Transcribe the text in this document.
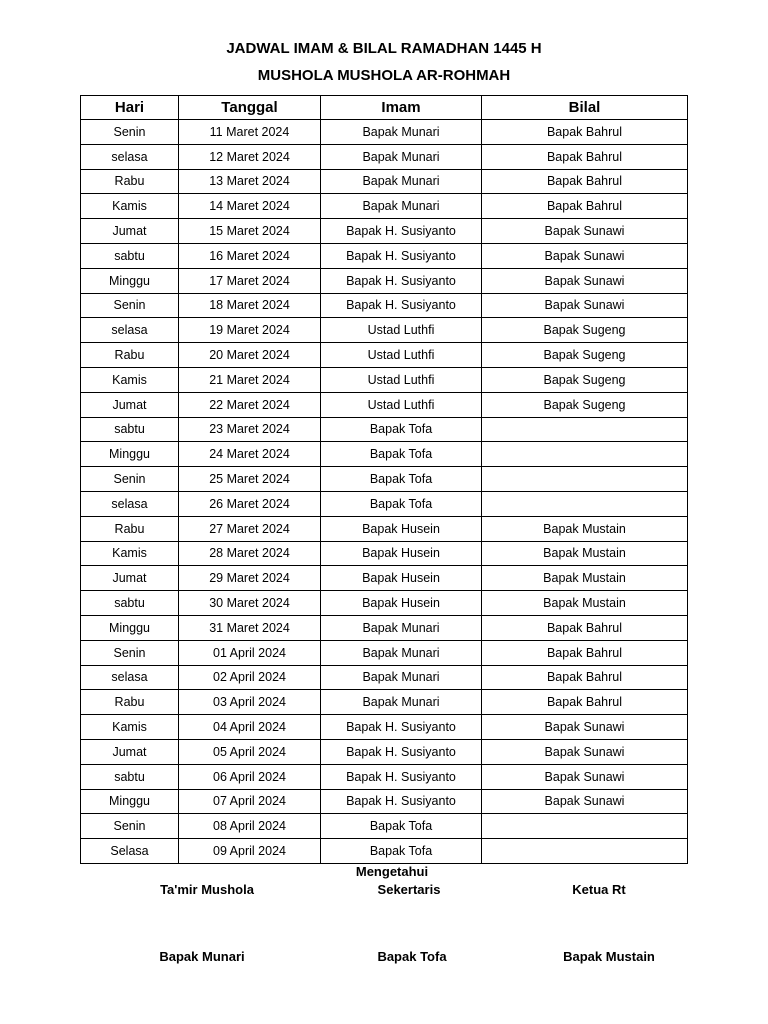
JADWAL IMAM & BILAL RAMADHAN 1445 H
MUSHOLA MUSHOLA AR-ROHMAH
Hari	Tanggal	Imam	Bilal
Senin	11 Maret 2024	Bapak Munari	Bapak Bahrul
selasa	12 Maret 2024	Bapak Munari	Bapak Bahrul
Rabu	13 Maret 2024	Bapak Munari	Bapak Bahrul
Kamis	14 Maret 2024	Bapak Munari	Bapak Bahrul
Jumat	15 Maret 2024	Bapak H. Susiyanto	Bapak Sunawi
sabtu	16 Maret 2024	Bapak H. Susiyanto	Bapak Sunawi
Minggu	17 Maret 2024	Bapak H. Susiyanto	Bapak Sunawi
Senin	18 Maret 2024	Bapak H. Susiyanto	Bapak Sunawi
selasa	19 Maret 2024	Ustad Luthfi	Bapak Sugeng
Rabu	20 Maret 2024	Ustad Luthfi	Bapak Sugeng
Kamis	21 Maret 2024	Ustad Luthfi	Bapak Sugeng
Jumat	22 Maret 2024	Ustad Luthfi	Bapak Sugeng
sabtu	23 Maret 2024	Bapak Tofa	
Minggu	24 Maret 2024	Bapak Tofa	
Senin	25 Maret 2024	Bapak Tofa	
selasa	26 Maret 2024	Bapak Tofa	
Rabu	27 Maret 2024	Bapak Husein	Bapak Mustain
Kamis	28 Maret 2024	Bapak Husein	Bapak Mustain
Jumat	29 Maret 2024	Bapak Husein	Bapak Mustain
sabtu	30 Maret 2024	Bapak Husein	Bapak Mustain
Minggu	31 Maret 2024	Bapak Munari	Bapak Bahrul
Senin	01 April 2024	Bapak Munari	Bapak Bahrul
selasa	02 April 2024	Bapak Munari	Bapak Bahrul
Rabu	03 April 2024	Bapak Munari	Bapak Bahrul
Kamis	04 April 2024	Bapak H. Susiyanto	Bapak Sunawi
Jumat	05 April 2024	Bapak H. Susiyanto	Bapak Sunawi
sabtu	06 April 2024	Bapak H. Susiyanto	Bapak Sunawi
Minggu	07 April 2024	Bapak H. Susiyanto	Bapak Sunawi
Senin	08 April 2024	Bapak Tofa	
Selasa	09 April 2024	Bapak Tofa	
Mengetahui
Ta'mir Mushola	Sekertaris	Ketua Rt
Bapak Munari	Bapak Tofa	Bapak Mustain
